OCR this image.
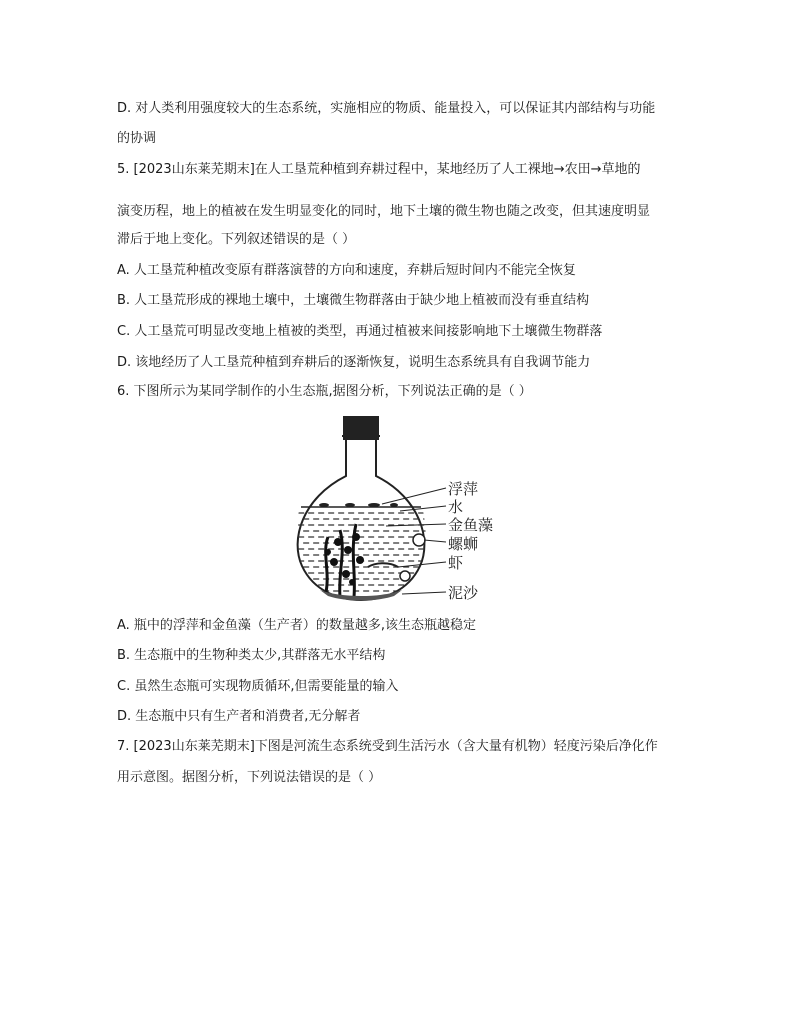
D. 对人类利用强度较大的生态系统，实施相应的物质、能量投入，可以保证其内部结构与功能
的协调
5. [2023山东莱芜期末]在人工垦荒种植到弃耕过程中，某地经历了人工裸地→农田→草地的
演变历程，地上的植被在发生明显变化的同时，地下土壤的微生物也随之改变，但其速度明显
滞后于地上变化。下列叙述错误的是（ ）
A. 人工垦荒种植改变原有群落演替的方向和速度，弃耕后短时间内不能完全恢复
B. 人工垦荒形成的裸地土壤中，土壤微生物群落由于缺少地上植被而没有垂直结构
C. 人工垦荒可明显改变地上植被的类型，再通过植被来间接影响地下土壤微生物群落
D. 该地经历了人工垦荒种植到弃耕后的逐渐恢复，说明生态系统具有自我调节能力
6. 下图所示为某同学制作的小生态瓶,据图分析，下列说法正确的是（ ）
浮萍
水
金鱼藻
螺蛳
虾
泥沙
A. 瓶中的浮萍和金鱼藻（生产者）的数量越多,该生态瓶越稳定
B. 生态瓶中的生物种类太少,其群落无水平结构
C. 虽然生态瓶可实现物质循环,但需要能量的输入
D. 生态瓶中只有生产者和消费者,无分解者
7. [2023山东莱芜期末]下图是河流生态系统受到生活污水（含大量有机物）轻度污染后净化作
用示意图。据图分析，下列说法错误的是（ ）
